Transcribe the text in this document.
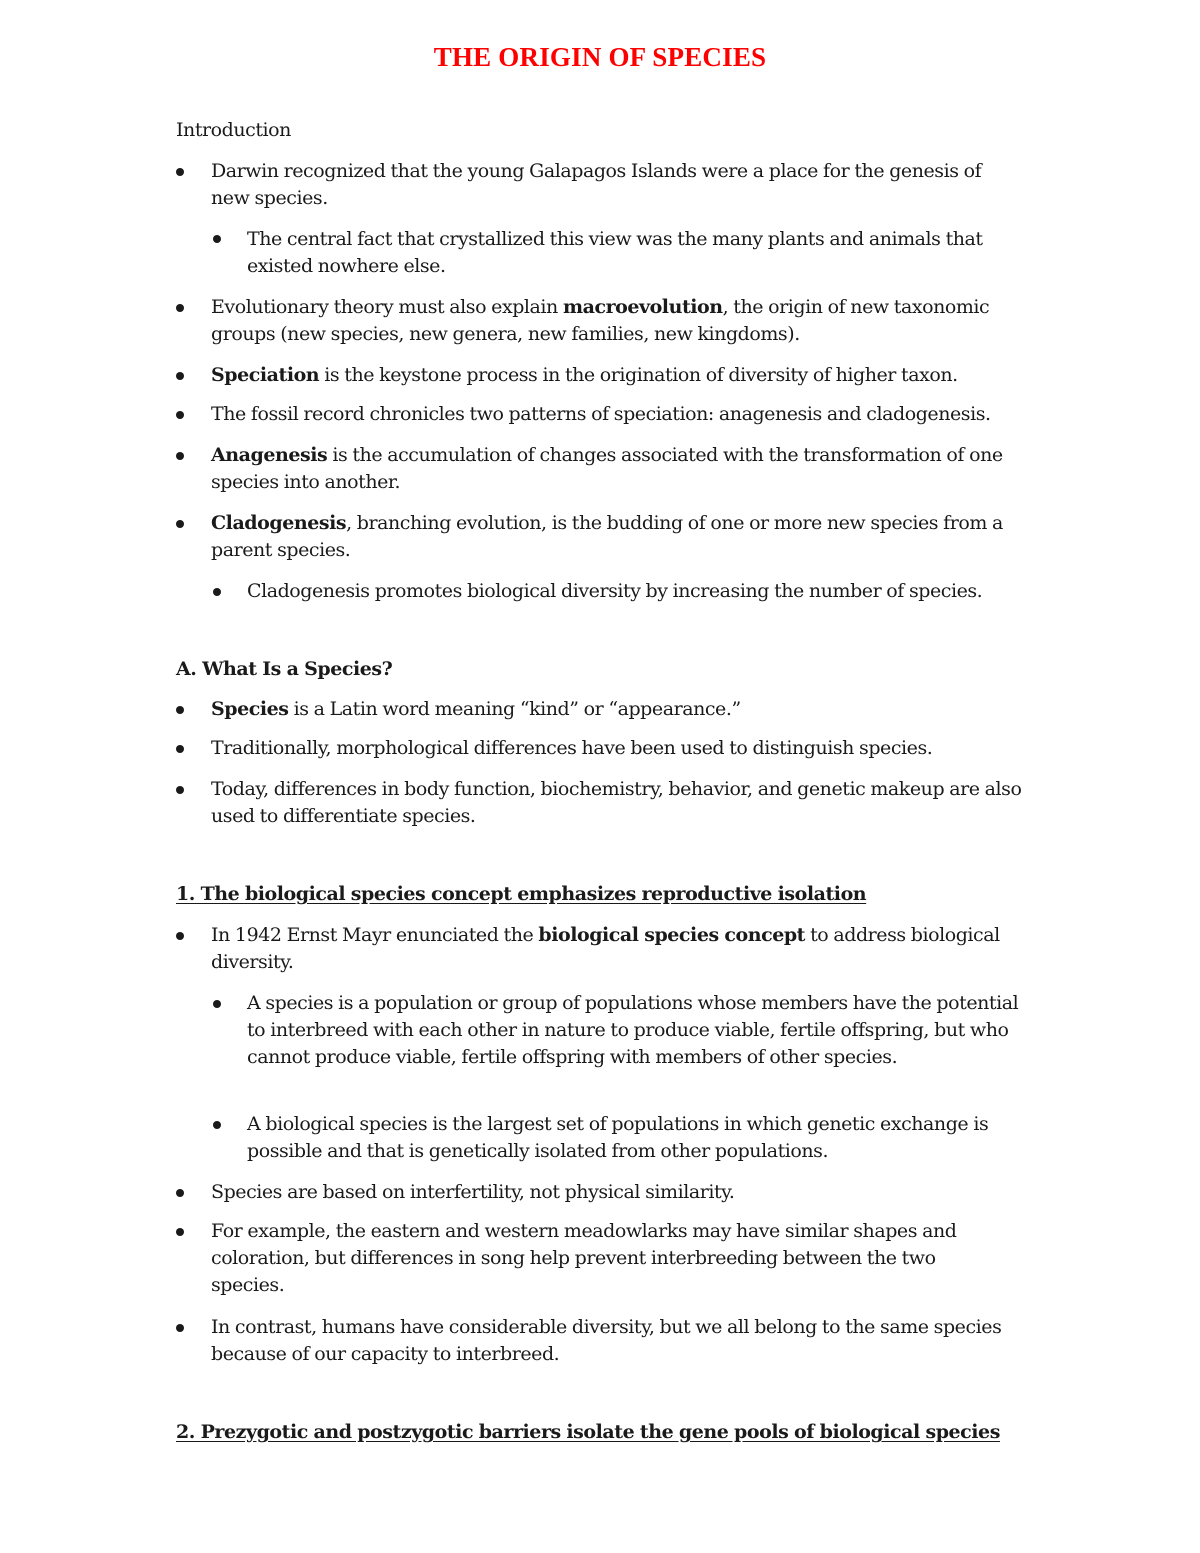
THE ORIGIN OF SPECIES

Introduction

Darwin recognized that the young Galapagos Islands were a place for the genesis of new species.

The central fact that crystallized this view was the many plants and animals that existed nowhere else.

Evolutionary theory must also explain macroevolution, the origin of new taxonomic groups (new species, new genera, new families, new kingdoms).

Speciation is the keystone process in the origination of diversity of higher taxon.

The fossil record chronicles two patterns of speciation: anagenesis and cladogenesis.

Anagenesis is the accumulation of changes associated with the transformation of one species into another.

Cladogenesis, branching evolution, is the budding of one or more new species from a parent species.

Cladogenesis promotes biological diversity by increasing the number of species.

A. What Is a Species?

Species is a Latin word meaning “kind” or “appearance.”

Traditionally, morphological differences have been used to distinguish species.

Today, differences in body function, biochemistry, behavior, and genetic makeup are also used to differentiate species.

1. The biological species concept emphasizes reproductive isolation

In 1942 Ernst Mayr enunciated the biological species concept to address biological diversity.

A species is a population or group of populations whose members have the potential to interbreed with each other in nature to produce viable, fertile offspring, but who cannot produce viable, fertile offspring with members of other species.

A biological species is the largest set of populations in which genetic exchange is possible and that is genetically isolated from other populations.

Species are based on interfertility, not physical similarity.

For example, the eastern and western meadowlarks may have similar shapes and coloration, but differences in song help prevent interbreeding between the two species.

In contrast, humans have considerable diversity, but we all belong to the same species because of our capacity to interbreed.

2. Prezygotic and postzygotic barriers isolate the gene pools of biological species
